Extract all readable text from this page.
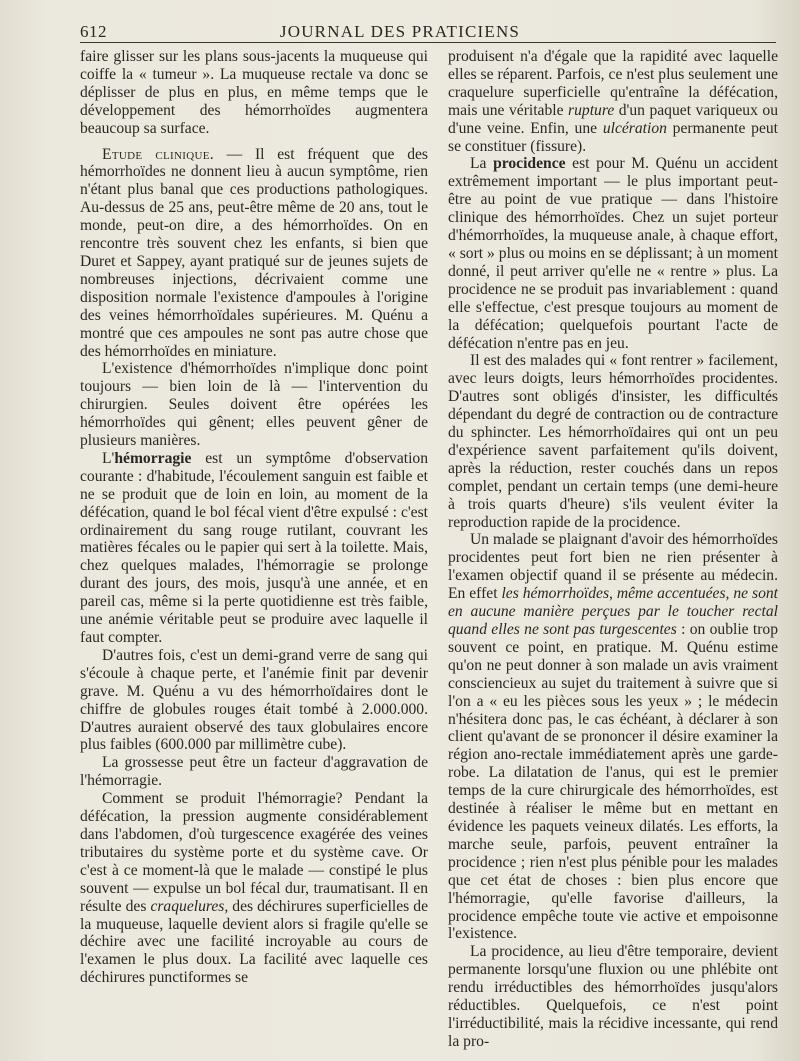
612	JOURNAL DES PRATICIENS

faire glisser sur les plans sous-jacents la muqueuse qui coiffe la « tumeur ». La muqueuse rectale va donc se déplisser de plus en plus, en même temps que le développement des hémorrhoïdes augmentera beaucoup sa surface.

Etude clinique. — Il est fréquent que des hémorrhoïdes ne donnent lieu à aucun symptôme, rien n'étant plus banal que ces productions pathologiques. Au-dessus de 25 ans, peut-être même de 20 ans, tout le monde, peut-on dire, a des hémorrhoïdes. On en rencontre très souvent chez les enfants, si bien que Duret et Sappey, ayant pratiqué sur de jeunes sujets de nombreuses injections, décrivaient comme une disposition normale l'existence d'ampoules à l'origine des veines hémorrhoïdales supérieures. M. Quénu a montré que ces ampoules ne sont pas autre chose que des hémorrhoïdes en miniature.

L'existence d'hémorrhoïdes n'implique donc point toujours — bien loin de là — l'intervention du chirurgien. Seules doivent être opérées les hémorrhoïdes qui gênent; elles peuvent gêner de plusieurs manières.

L'hémorragie est un symptôme d'observation courante : d'habitude, l'écoulement sanguin est faible et ne se produit que de loin en loin, au moment de la défécation, quand le bol fécal vient d'être expulsé : c'est ordinairement du sang rouge rutilant, couvrant les matières fécales ou le papier qui sert à la toilette. Mais, chez quelques malades, l'hémorragie se prolonge durant des jours, des mois, jusqu'à une année, et en pareil cas, même si la perte quotidienne est très faible, une anémie véritable peut se produire avec laquelle il faut compter.

D'autres fois, c'est un demi-grand verre de sang qui s'écoule à chaque perte, et l'anémie finit par devenir grave. M. Quénu a vu des hémorrhoïdaires dont le chiffre de globules rouges était tombé à 2.000.000. D'autres auraient observé des taux globulaires encore plus faibles (600.000 par millimètre cube).

La grossesse peut être un facteur d'aggravation de l'hémorragie.

Comment se produit l'hémorragie? Pendant la défécation, la pression augmente considérablement dans l'abdomen, d'où turgescence exagérée des veines tributaires du système porte et du système cave. Or c'est à ce moment-là que le malade — constipé le plus souvent — expulse un bol fécal dur, traumatisant. Il en résulte des craquelures, des déchirures superficielles de la muqueuse, laquelle devient alors si fragile qu'elle se déchire avec une facilité incroyable au cours de l'examen le plus doux. La facilité avec laquelle ces déchirures punctiformes se

produisent n'a d'égale que la rapidité avec laquelle elles se réparent. Parfois, ce n'est plus seulement une craquelure superficielle qu'entraîne la défécation, mais une véritable rupture d'un paquet variqueux ou d'une veine. Enfin, une ulcération permanente peut se constituer (fissure).

La procidence est pour M. Quénu un accident extrêmement important — le plus important peut-être au point de vue pratique — dans l'histoire clinique des hémorrhoïdes. Chez un sujet porteur d'hémorrhoïdes, la muqueuse anale, à chaque effort, « sort » plus ou moins en se déplissant; à un moment donné, il peut arriver qu'elle ne « rentre » plus. La procidence ne se produit pas invariablement : quand elle s'effectue, c'est presque toujours au moment de la défécation; quelquefois pourtant l'acte de défécation n'entre pas en jeu.

Il est des malades qui « font rentrer » facilement, avec leurs doigts, leurs hémorrhoïdes procidentes. D'autres sont obligés d'insister, les difficultés dépendant du degré de contraction ou de contracture du sphincter. Les hémorrhoïdaires qui ont un peu d'expérience savent parfaitement qu'ils doivent, après la réduction, rester couchés dans un repos complet, pendant un certain temps (une demi-heure à trois quarts d'heure) s'ils veulent éviter la reproduction rapide de la procidence.

Un malade se plaignant d'avoir des hémorrhoïdes procidentes peut fort bien ne rien présenter à l'examen objectif quand il se présente au médecin. En effet les hémorrhoïdes, même accentuées, ne sont en aucune manière perçues par le toucher rectal quand elles ne sont pas turgescentes : on oublie trop souvent ce point, en pratique. M. Quénu estime qu'on ne peut donner à son malade un avis vraiment consciencieux au sujet du traitement à suivre que si l'on a « eu les pièces sous les yeux » ; le médecin n'hésitera donc pas, le cas échéant, à déclarer à son client qu'avant de se prononcer il désire examiner la région ano-rectale immédiatement après une garde-robe. La dilatation de l'anus, qui est le premier temps de la cure chirurgicale des hémorrhoïdes, est destinée à réaliser le même but en mettant en évidence les paquets veineux dilatés. Les efforts, la marche seule, parfois, peuvent entraîner la procidence ; rien n'est plus pénible pour les malades que cet état de choses : bien plus encore que l'hémorragie, qu'elle favorise d'ailleurs, la procidence empêche toute vie active et empoisonne l'existence.

La procidence, au lieu d'être temporaire, devient permanente lorsqu'une fluxion ou une phlébite ont rendu irréductibles des hémorrhoïdes jusqu'alors réductibles. Quelquefois, ce n'est point l'irréductibilité, mais la récidive incessante, qui rend la pro-
